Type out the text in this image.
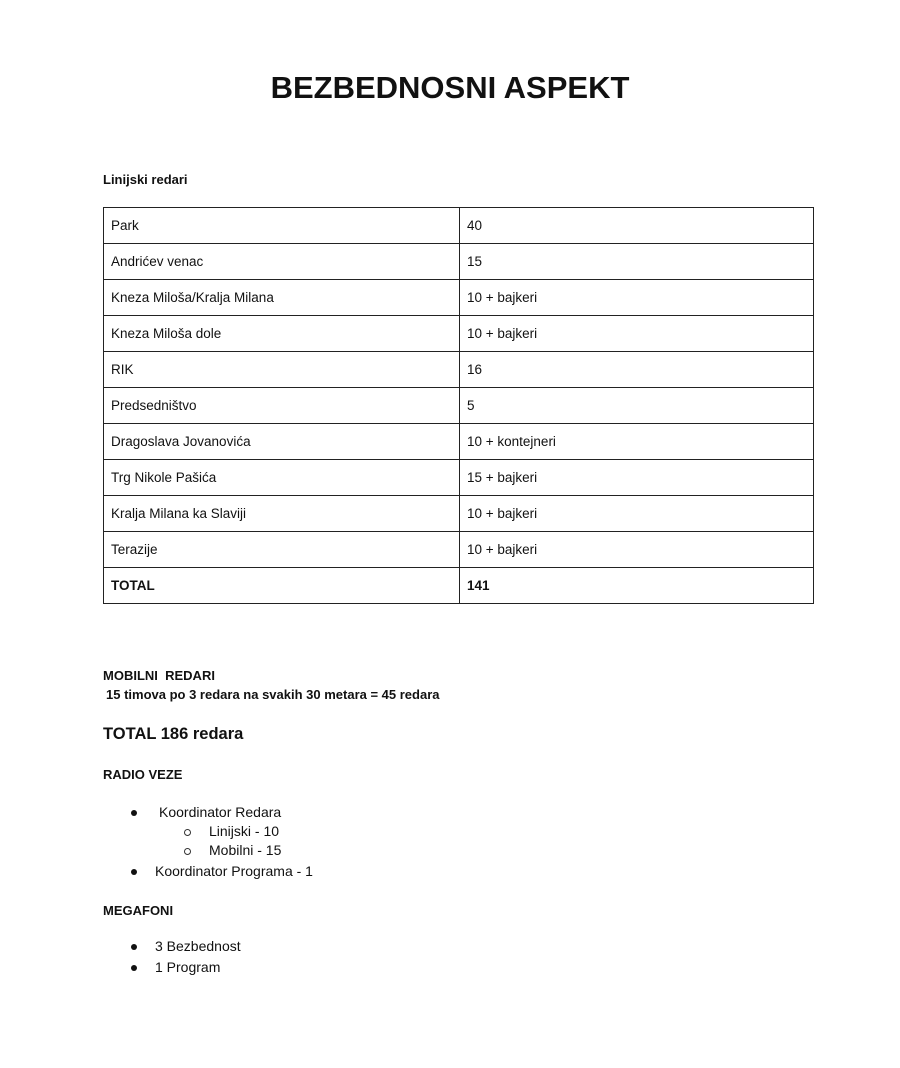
BEZBEDNOSNI ASPEKT
Linijski redari
Park	40
Andrićev venac	15
Kneza Miloša/Kralja Milana	10 + bajkeri
Kneza Miloša dole	10 + bajkeri
RIK	16
Predsedništvo	5
Dragoslava Jovanovića	10 + kontejneri
Trg Nikole Pašića	15 + bajkeri
Kralja Milana ka Slaviji	10 + bajkeri
Terazije	10 + bajkeri
TOTAL	141
MOBILNI  REDARI
15 timova po 3 redara na svakih 30 metara = 45 redara
TOTAL 186 redara
RADIO VEZE
Koordinator Redara
Linijski - 10
Mobilni - 15
Koordinator Programa - 1
MEGAFONI
3 Bezbednost
1 Program
